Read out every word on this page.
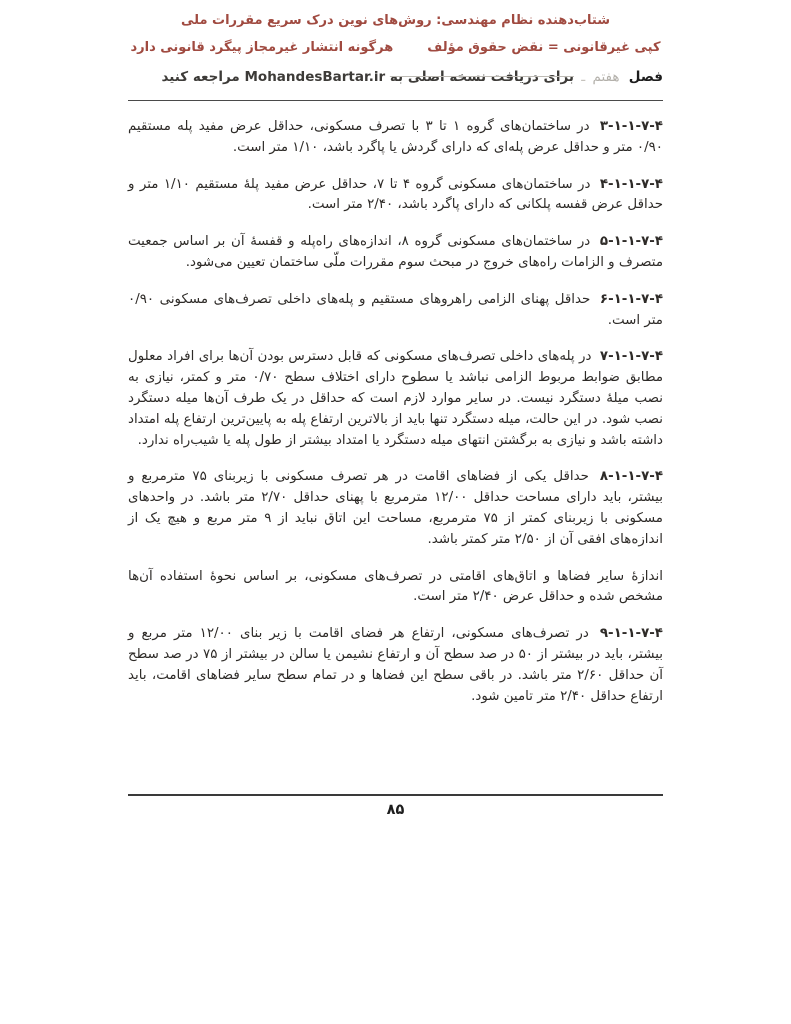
شتاب‌دهنده نظام مهندسی: روش‌های نوین درک سریع مقررات ملی
کپی غیرقانونی = نقض حقوق مؤلفهرگونه انتشار غیرمجاز پیگرد قانونی دارد
فصل هفتم ـ برای دریافت نسخه اصلی به MohandesBartar.ir مراجعه کنید

۴-۷-۱-۱-۳ در ساختمان‌های گروه ۱ تا ۳ با تصرف مسکونی، حداقل عرض مفید پله مستقیم ۰/۹۰ متر و حداقل عرض پله‌ای که دارای گردش یا پاگرد باشد، ۱/۱۰ متر است.

۴-۷-۱-۱-۴ در ساختمان‌های مسکونی گروه ۴ تا ۷، حداقل عرض مفید پلۀ مستقیم ۱/۱۰ متر و حداقل عرض قفسه پلکانی که دارای پاگرد باشد، ۲/۴۰ متر است.

۴-۷-۱-۱-۵ در ساختمان‌های مسکونی گروه ۸، اندازه‌های راه‌پله و قفسۀ آن بر اساس جمعیت متصرف و الزامات راه‌های خروج در مبحث سوم مقررات ملّی ساختمان تعیین می‌شود.

۴-۷-۱-۱-۶ حداقل پهنای الزامی راهروهای مستقیم و پله‌های داخلی تصرف‌های مسکونی ۰/۹۰ متر است.

۴-۷-۱-۱-۷ در پله‌های داخلی تصرف‌های مسکونی که قابل دسترس بودن آن‌ها برای افراد معلول مطابق ضوابط مربوط الزامی نباشد یا سطوح دارای اختلاف سطح ۰/۷۰ متر و کمتر، نیازی به نصب میلۀ دستگرد نیست. در سایر موارد لازم است که حداقل در یک طرف آن‌ها میله دستگرد نصب شود. در این حالت، میله دستگرد تنها باید از بالاترین ارتفاع پله به پایین‌ترین ارتفاع پله امتداد داشته باشد و نیازی به برگشتن انتهای میله دستگرد یا امتداد بیشتر از طول پله یا شیب‌راه ندارد.

۴-۷-۱-۱-۸ حداقل یکی از فضاهای اقامت در هر تصرف مسکونی با زیربنای ۷۵ مترمربع و بیشتر، باید دارای مساحت حداقل ۱۲/۰۰ مترمربع با پهنای حداقل ۲/۷۰ متر باشد. در واحدهای مسکونی با زیربنای کمتر از ۷۵ مترمربع، مساحت این اتاق نباید از ۹ متر مربع و هیچ یک از اندازه‌های افقی آن از ۲/۵۰ متر کمتر باشد.

اندازۀ سایر فضاها و اتاق‌های اقامتی در تصرف‌های مسکونی، بر اساس نحوۀ استفاده آن‌ها مشخص شده و حداقل عرض ۲/۴۰ متر است.

۴-۷-۱-۱-۹ در تصرف‌های مسکونی، ارتفاع هر فضای اقامت با زیر بنای ۱۲/۰۰ متر مربع و بیشتر، باید در بیشتر از ۵۰ در صد سطح آن و ارتفاع نشیمن یا سالن در بیشتر از ۷۵ در صد سطح آن حداقل ۲/۶۰ متر باشد. در باقی سطح این فضاها و در تمام سطح سایر فضاهای اقامت، باید ارتفاع حداقل ۲/۴۰ متر تامین شود.

۸۵
